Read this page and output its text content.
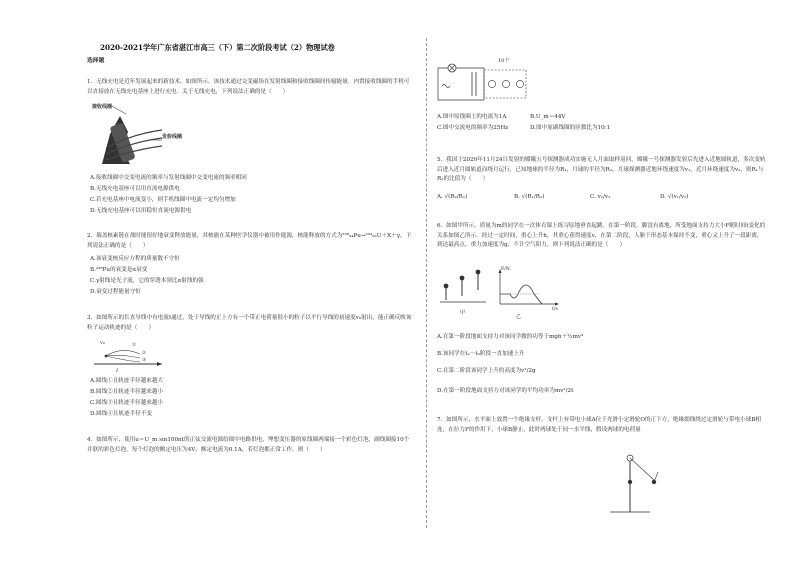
2020-2021学年广东省湛江市高三（下）第二次阶段考试（2）物理试卷
选择题
1．无线充电是近年发展起来的新技术，如图所示，该技术通过交变磁场在发射线圈和接收线圈间传输能量．内置接收线圈的手机可以直接放在无线充电基座上进行充电．关于无线充电，下列说法正确的是（　　）
接收线圈
发射线圈
A.接收线圈中交变电流的频率与发射线圈中交变电流的频率相同
B.无线充电基座可以用直流电源供电
C.若充电基座中电流变小，则手机线圈中电流一定均匀增加
D.无线充电基座可以用稳恒直流电源供电
2．瑞盖核素链在战时能很好地衰变释放能量，其核能在某种医学仪器中被用作能源，核能释放的方式为²³⁸₉₄Pu→²³⁴₉₂U＋X＋γ，下列说法正确的是（　　）
A.该衰变核反应方程的质量数不守恒
B.²³⁸Pu的衰变是α衰变
C.γ射线是光子流，它的穿透本领比α射线的强
D.衰变过程能量守恒
3．如图所示的长直导线中有电流I通过，处于导线的正上方有一个带正电荷量很小的粒子以平行导线的初速度v₀射出，能正确反映该粒子运动轨迹的是（　　）
v₀	①
②
③
I
A.圆线①且轨迹半径越来越大
B.圆线②且轨迹半径越来越小
C.圆线③且轨迹半径越来越小
D.圆线④且轨迹半径不变
4．如图所示，使用u＝U_m sin100πt的正弦交流电源给图中电路供电，埋想变压器的原线圈两端接一个彩色灯泡，副线圈接10个并联的彩色灯泡，每个灯泡的额定电压为4V，额定电流为0.1A，若灯泡都正常工作，则（　　）
10个
A.图中原线圈上的电流为1A	B.U_m＝44V
C.图中交流电的频率为25Hz	D.图中原副线圈的匝数比为10:1
5．我国于2020年11月24日发射的嫦娥五号探测器成功实施无人月面取样返回，嫦娥一号探测器发射后先进入近地圆轨道，多次变轨后进入近月圆轨道而绕月运行，已知地球的半径为R₁，月球的半径为R₂，月球探测器近地环绕速度为v₁，近月环绕速度为v₂，则R₁与R₂的比值为（　　）
A. √(R₂/R₁)	B. √(R₁/R₂)	C. v₁/v₂	D. √(v₁/v₂)
6．如图甲所示，质量为m的同学在一次体育课上练习原地垂直起跳．在第一阶段，脚没有离地，所受地面支持力大小F随时间t变化的关系如图乙所示．经过一定时间，重心上升h，其重心获得速度v，在第二阶段，人躯干形态基本保持不变，重心又上升了一段距离，到达最高点，重力加速度为g，不计空气阻力，则下列说法正确的是（　　）
F/N
t/s
甲
乙
A.在第一阶段地面支持力对该同学做的功等于mgh＋½mv²
B.该同学在t₂～t₃阶段一直加速上升
C.在第二阶段该同学上升的高度为v²/2g
D.在第一阶段地面支持力对该同学的平均功率为mv²/2t
7．如图所示，水平面上放置一个绝缘支杆，支杆上有带电小球A位于光滑小定滑轮O的正下方，绝缘细线绕过定滑轮与带电小球B相连，在拉力F的作用下，小球B静止，此时两球处于同一水平线，假设两球的电荷量
